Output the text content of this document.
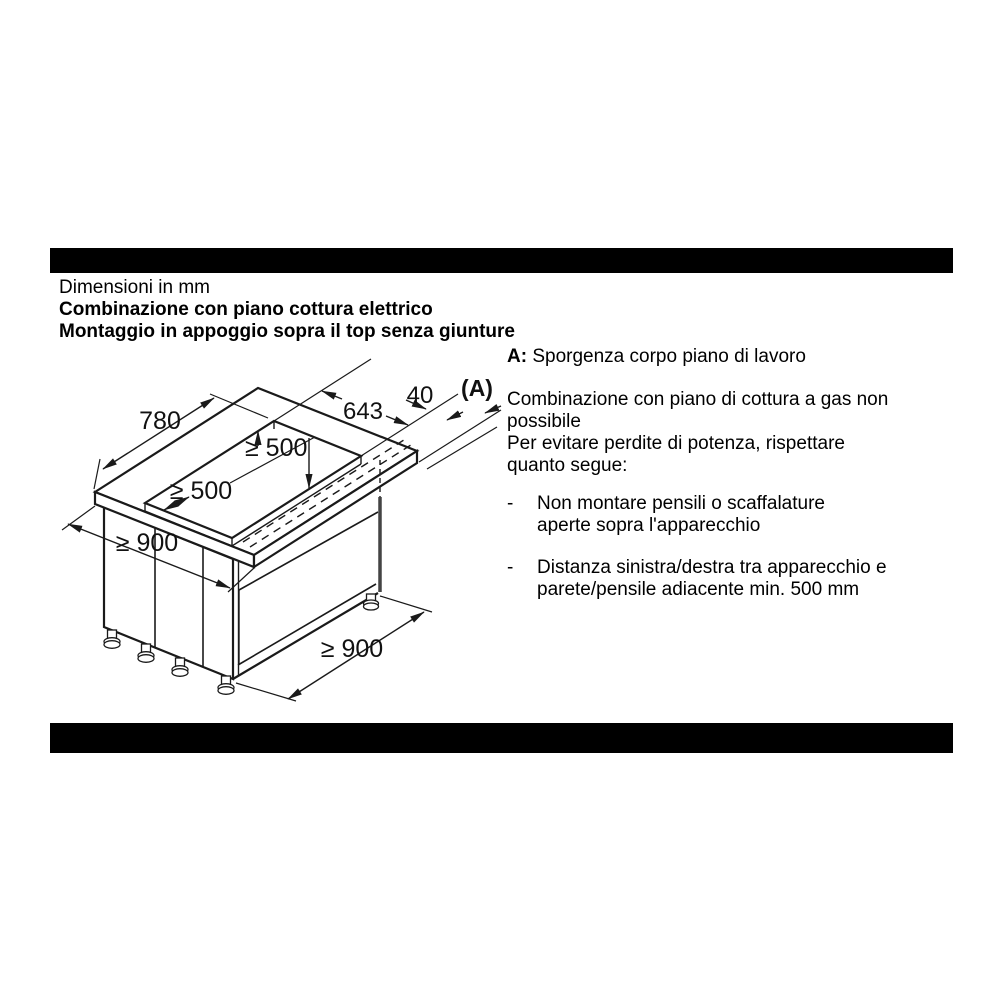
Dimensioni in mm
Combinazione con piano cottura elettrico
Montaggio in appoggio sopra il top senza giunture
780	643
40 (A)
≥ 500
≥ 500
≥ 900
≥ 900
A: Sporgenza corpo piano di lavoro
Combinazione con piano di cottura a gas non
possibile
Per evitare perdite di potenza, rispettare
quanto segue:
-	Non montare pensili o scaffalature
aperte sopra l'apparecchio
-	Distanza sinistra/destra tra apparecchio e
parete/pensile adiacente min. 500 mm
